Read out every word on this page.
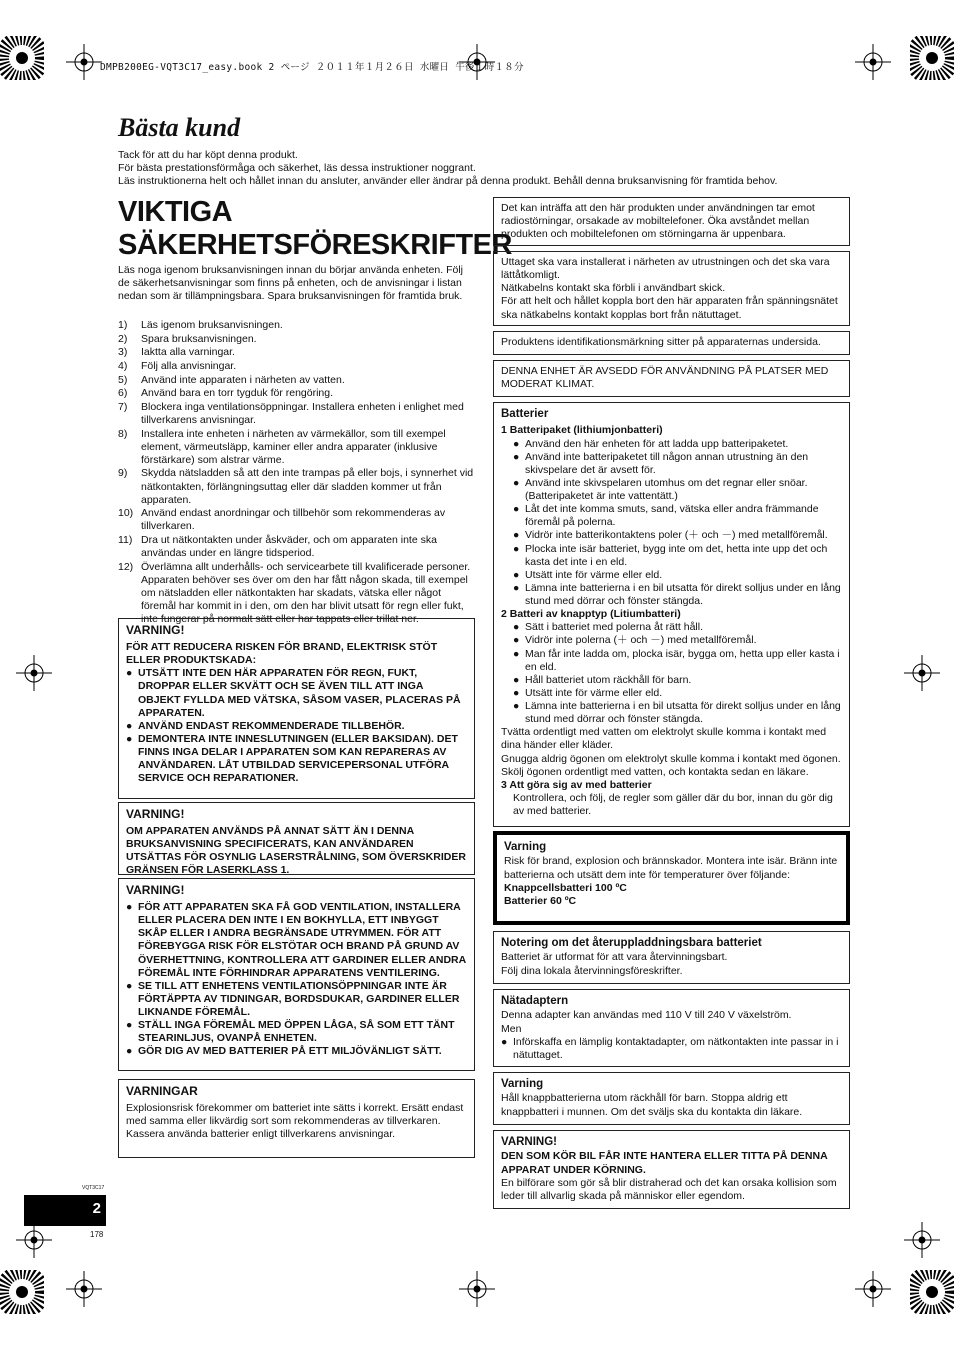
DMPB200EG-VQT3C17_easy.book 2 ページ ２０１１年１月２６日 水曜日 午後１時１８分
Bästa kund
Tack för att du har köpt denna produkt.
För bästa prestationsförmåga och säkerhet, läs dessa instruktioner noggrant.
Läs instruktionerna helt och hållet innan du ansluter, använder eller ändrar på denna produkt. Behåll denna bruksanvisning för framtida behov.
VIKTIGA SÄKERHETSFÖRESKRIFTER
Läs noga igenom bruksanvisningen innan du börjar använda enheten. Följ de säkerhetsanvisningar som finns på enheten, och de anvisningar i listan nedan som är tillämpningsbara. Spara bruksanvisningen för framtida bruk.
1)	Läs igenom bruksanvisningen.
2)	Spara bruksanvisningen.
3)	Iaktta alla varningar.
4)	Följ alla anvisningar.
5)	Använd inte apparaten i närheten av vatten.
6)	Använd bara en torr tygduk för rengöring.
7)	Blockera inga ventilationsöppningar. Installera enheten i enlighet med tillverkarens anvisningar.
8)	Installera inte enheten i närheten av värmekällor, som till exempel element, värmeutsläpp, kaminer eller andra apparater (inklusive förstärkare) som alstrar värme.
9)	Skydda nätsladden så att den inte trampas på eller bojs, i synnerhet vid nätkontakten, förlängningsuttag eller där sladden kommer ut från apparaten.
10) Använd endast anordningar och tillbehör som rekommenderas av tillverkaren.
11) Dra ut nätkontakten under åskväder, och om apparaten inte ska användas under en längre tidsperiod.
12) Överlämna allt underhålls- och servicearbete till kvalificerade personer. Apparaten behöver ses över om den har fått någon skada, till exempel om nätsladden eller nätkontakten har skadats, vätska eller något föremål har kommit in i den, om den har blivit utsatt för regn eller fukt, inte fungerar på normalt sätt eller har tappats eller trillat ner.
VARNING!
FÖR ATT REDUCERA RISKEN FÖR BRAND, ELEKTRISK STÖT ELLER PRODUKTSKADA:
● UTSÄTT INTE DEN HÄR APPARATEN FÖR REGN, FUKT, DROPPAR ELLER SKVÄTT OCH SE ÄVEN TILL ATT INGA OBJEKT FYLLDA MED VÄTSKA, SÅSOM VASER, PLACERAS PÅ APPARATEN.
● ANVÄND ENDAST REKOMMENDERADE TILLBEHÖR.
● DEMONTERA INTE INNESLUTNINGEN (ELLER BAKSIDAN). DET FINNS INGA DELAR I APPARATEN SOM KAN REPARERAS AV ANVÄNDAREN. LÅT UTBILDAD SERVICEPERSONAL UTFÖRA SERVICE OCH REPARATIONER.
VARNING!
OM APPARATEN ANVÄNDS PÅ ANNAT SÄTT ÄN I DENNA BRUKSANVISNING SPECIFICERATS, KAN ANVÄNDAREN UTSÄTTAS FÖR OSYNLIG LASERSTRÅLNING, SOM ÖVERSKRIDER GRÄNSEN FÖR LASERKLASS 1.
VARNING!
● FÖR ATT APPARATEN SKA FÅ GOD VENTILATION, INSTALLERA ELLER PLACERA DEN INTE I EN BOKHYLLA, ETT INBYGGT SKÅP ELLER I ANDRA BEGRÄNSADE UTRYMMEN. FÖR ATT FÖREBYGGA RISK FÖR ELSTÖTAR OCH BRAND PÅ GRUND AV ÖVERHETTNING, KONTROLLERA ATT GARDINER ELLER ANDRA FÖREMÅL INTE FÖRHINDRAR APPARATENS VENTILERING.
● SE TILL ATT ENHETENS VENTILATIONSÖPPNINGAR INTE ÄR FÖRTÄPPTA AV TIDNINGAR, BORDSDUKAR, GARDINER ELLER LIKNANDE FÖREMÅL.
● STÄLL INGA FÖREMÅL MED ÖPPEN LÅGA, SÅ SOM ETT TÄNT STEARINLJUS, OVANPÅ ENHETEN.
● GÖR DIG AV MED BATTERIER PÅ ETT MILJÖVÄNLIGT SÄTT.
VARNINGAR
Explosionsrisk förekommer om batteriet inte sätts i korrekt. Ersätt endast med samma eller likvärdig sort som rekommenderas av tillverkaren. Kassera använda batterier enligt tillverkarens anvisningar.
Det kan inträffa att den här produkten under användningen tar emot radiostörningar, orsakade av mobiltelefoner. Öka avståndet mellan produkten och mobiltelefonen om störningarna är uppenbara.
Uttaget ska vara installerat i närheten av utrustningen och det ska vara lättåtkomligt.
Nätkabelns kontakt ska förbli i användbart skick.
För att helt och hållet koppla bort den här apparaten från spänningsnätet ska nätkabelns kontakt kopplas bort från nätuttaget.
Produktens identifikationsmärkning sitter på apparaternas undersida.
DENNA ENHET ÄR AVSEDD FÖR ANVÄNDNING PÅ PLATSER MED MODERAT KLIMAT.
Batterier
1 Batteripaket (lithiumjonbatteri)
● Använd den här enheten för att ladda upp batteripaketet.
● Använd inte batteripaketet till någon annan utrustning än den skivspelare det är avsett för.
● Använd inte skivspelaren utomhus om det regnar eller snöar. (Batteripaketet är inte vattentätt.)
● Låt det inte komma smuts, sand, vätska eller andra främmande föremål på polerna.
● Vidrör inte batterikontaktens poler (＋ och －) med metallföremål.
● Plocka inte isär batteriet, bygg inte om det, hetta inte upp det och kasta det inte i en eld.
● Utsätt inte för värme eller eld.
● Lämna inte batterierna i en bil utsatta för direkt solljus under en lång stund med dörrar och fönster stängda.
2 Batteri av knapptyp (Litiumbatteri)
● Sätt i batteriet med polerna åt rätt håll.
● Vidrör inte polerna (＋ och －) med metallföremål.
● Man får inte ladda om, plocka isär, bygga om, hetta upp eller kasta i en eld.
● Håll batteriet utom räckhåll för barn.
● Utsätt inte för värme eller eld.
● Lämna inte batterierna i en bil utsatta för direkt solljus under en lång stund med dörrar och fönster stängda.
Tvätta ordentligt med vatten om elektrolyt skulle komma i kontakt med dina händer eller kläder.
Gnugga aldrig ögonen om elektrolyt skulle komma i kontakt med ögonen.
Skölj ögonen ordentligt med vatten, och kontakta sedan en läkare.
3 Att göra sig av med batterier
Kontrollera, och följ, de regler som gäller där du bor, innan du gör dig av med batterier.
Varning
Risk för brand, explosion och brännskador. Montera inte isär. Bränn inte batterierna och utsätt dem inte för temperaturer över följande:
Knappcellsbatteri 100 ºC
Batterier 60 ºC
Notering om det återuppladdningsbara batteriet
Batteriet är utformat för att vara återvinningsbart.
Följ dina lokala återvinningsföreskrifter.
Nätadaptern
Denna adapter kan användas med 110 V till 240 V växelström.
Men
● Införskaffa en lämplig kontaktadapter, om nätkontakten inte passar in i nätuttaget.
Varning
Håll knappbatterierna utom räckhåll för barn. Stoppa aldrig ett knappbatteri i munnen. Om det sväljs ska du kontakta din läkare.
VARNING!
DEN SOM KÖR BIL FÅR INTE HANTERA ELLER TITTA PÅ DENNA APPARAT UNDER KÖRNING.
En bilförare som gör så blir distraherad och det kan orsaka kollision som leder till allvarlig skada på människor eller egendom.
VQT3C17
2
178
